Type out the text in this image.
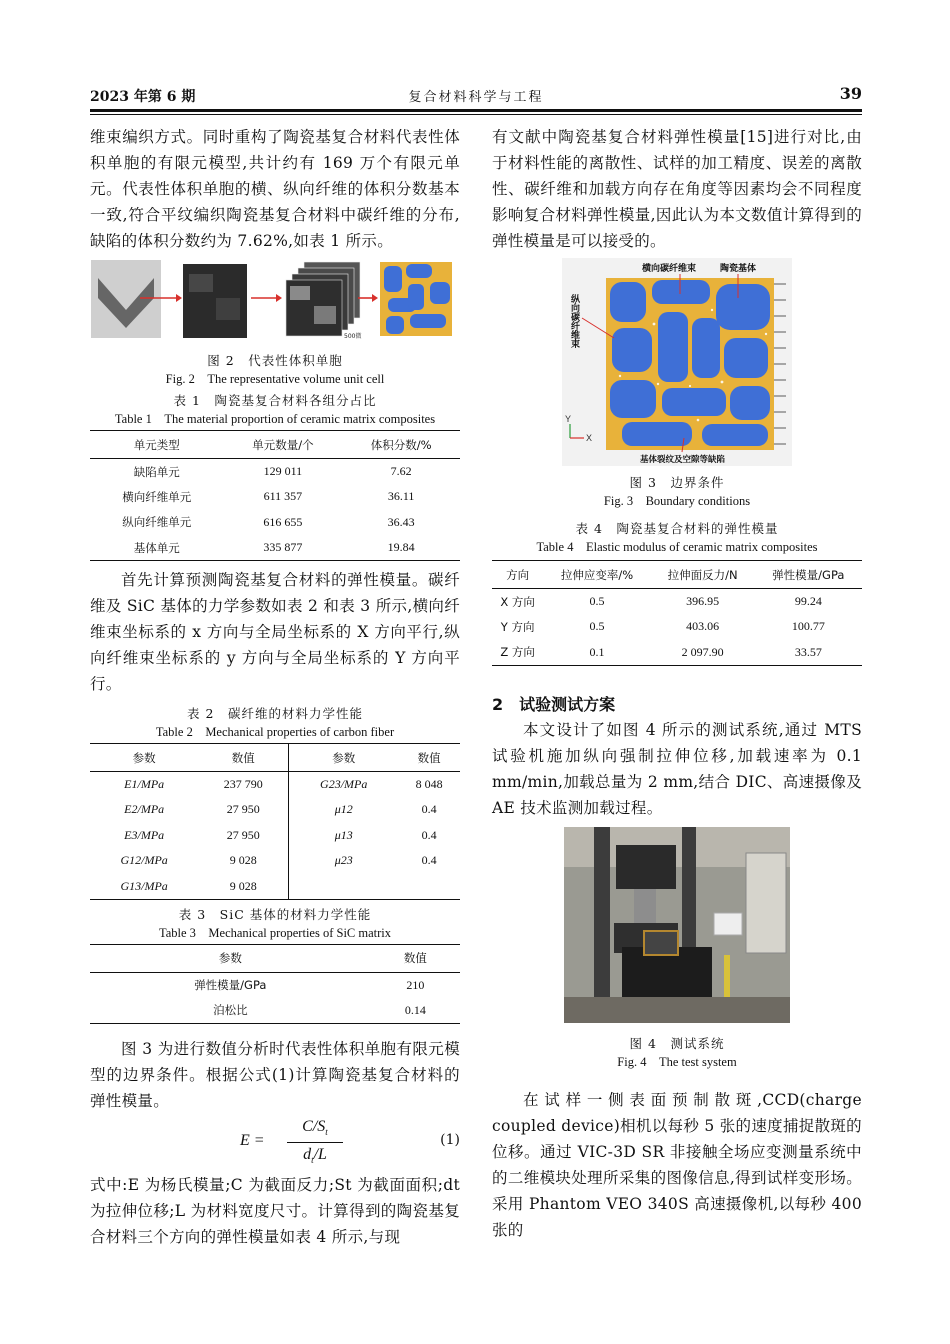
2023 年第 6 期	复合材料科学与工程	39

维束编织方式。同时重构了陶瓷基复合材料代表性体积单胞的有限元模型,共计约有 169 万个有限元单元。代表性体积单胞的横、纵向纤维的体积分数基本一致,符合平纹编织陶瓷基复合材料中碳纤维的分布,缺陷的体积分数约为 7.62%,如表 1 所示。

500微
图 2　代表性体积单胞
Fig. 2　The representative volume unit cell
表 1　陶瓷基复合材料各组分占比
Table 1　The material proportion of ceramic matrix composites
单元类型	单元数量/个	体积分数/%
缺陷单元	129 011	7.62
横向纤维单元	611 357	36.11
纵向纤维单元	616 655	36.43
基体单元	335 877	19.84

首先计算预测陶瓷基复合材料的弹性模量。碳纤维及 SiC 基体的力学参数如表 2 和表 3 所示,横向纤维束坐标系的 x 方向与全局坐标系的 X 方向平行,纵向纤维束坐标系的 y 方向与全局坐标系的 Y 方向平行。

表 2　碳纤维的材料力学性能
Table 2　Mechanical properties of carbon fiber
参数	数值	参数	数值
E1/MPa	237 790	G23/MPa	8 048
E2/MPa	27 950	μ12	0.4
E3/MPa	27 950	μ13	0.4
G12/MPa	9 028	μ23	0.4
G13/MPa	9 028		
表 3　SiC 基体的材料力学性能
Table 3　Mechanical properties of SiC matrix
参数	数值
弹性模量/GPa	210
泊松比	0.14

图 3 为进行数值分析时代表性体积单胞有限元模型的边界条件。根据公式(1)计算陶瓷基复合材料的弹性模量。

E =
$C/S_t$
$d_t/L$
(1)

式中:E 为杨氏模量;C 为截面反力;St 为截面面积;dt 为拉伸位移;L 为材料宽度尺寸。计算得到的陶瓷基复合材料三个方向的弹性模量如表 4 所示,与现

有文献中陶瓷基复合材料弹性模量[15]进行对比,由于材料性能的离散性、试样的加工精度、误差的离散性、碳纤维和加载方向存在角度等因素均会不同程度影响复合材料弹性模量,因此认为本文数值计算得到的弹性模量是可以接受的。

横向碳纤维束	陶瓷基体
纵向碳纤维束
基体裂纹及空隙等缺陷
Y
X
图 3　边界条件
Fig. 3　Boundary conditions
表 4　陶瓷基复合材料的弹性模量
Table 4　Elastic modulus of ceramic matrix composites
方向	拉伸应变率/%	拉伸面反力/N	弹性模量/GPa
X 方向	0.5	396.95	99.24
Y 方向	0.5	403.06	100.77
Z 方向	0.1	2 097.90	33.57
2　试验测试方案

本文设计了如图 4 所示的测试系统,通过 MTS 试验机施加纵向强制拉伸位移,加载速率为 0.1 mm/min,加载总量为 2 mm,结合 DIC、高速摄像及 AE 技术监测加载过程。

图 4　测试系统
Fig. 4　The test system

在试样一侧表面预制散斑,CCD(charge coupled device)相机以每秒 5 张的速度捕捉散斑的位移。通过 VIC-3D SR 非接触全场应变测量系统中的二维模块处理所采集的图像信息,得到试样变形场。采用 Phantom VEO 340S 高速摄像机,以每秒 400 张的
